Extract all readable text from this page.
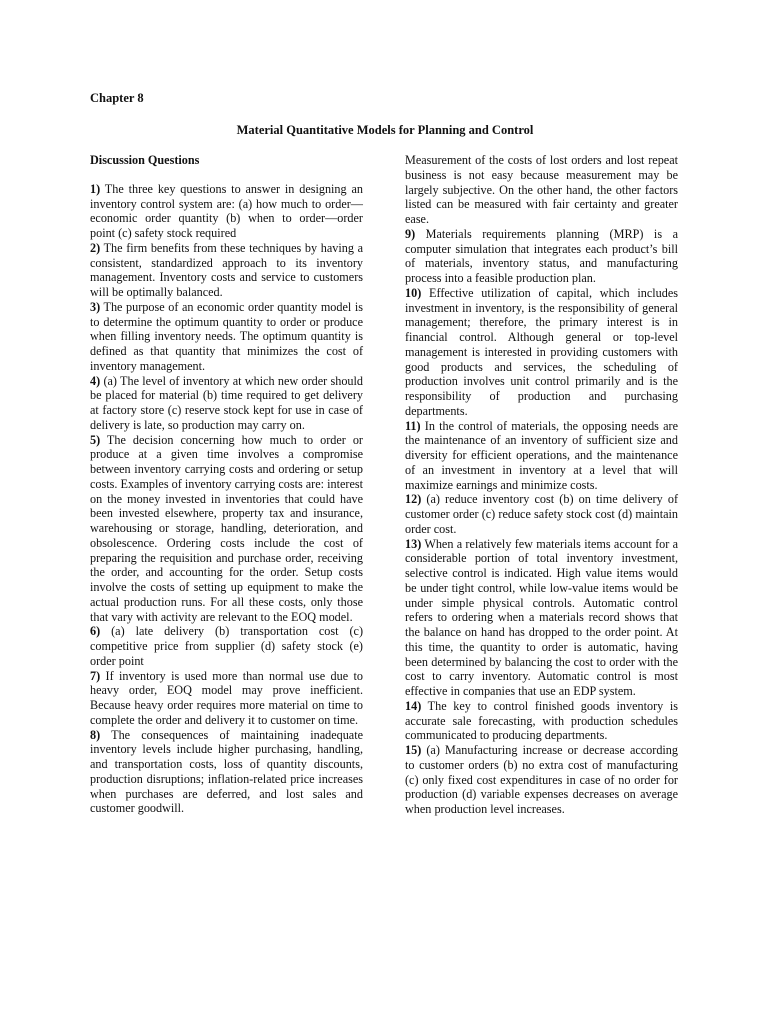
Chapter 8
Material Quantitative Models for Planning and Control
Discussion Questions

1) The three key questions to answer in designing an inventory control system are: (a) how much to order—economic order quantity (b) when to order—order point (c) safety stock required

2) The firm benefits from these techniques by having a consistent, standardized approach to its inventory management. Inventory costs and service to customers will be optimally balanced.

3) The purpose of an economic order quantity model is to determine the optimum quantity to order or produce when filling inventory needs. The optimum quantity is defined as that quantity that minimizes the cost of inventory management.

4) (a) The level of inventory at which new order should be placed for material (b) time required to get delivery at factory store (c) reserve stock kept for use in case of delivery is late, so production may carry on.

5) The decision concerning how much to order or produce at a given time involves a compromise between inventory carrying costs and ordering or setup costs. Examples of inventory carrying costs are: interest on the money invested in inventories that could have been invested elsewhere, property tax and insurance, warehousing or storage, handling, deterioration, and obsolescence. Ordering costs include the cost of preparing the requisition and purchase order, receiving the order, and accounting for the order. Setup costs involve the costs of setting up equipment to make the actual production runs. For all these costs, only those that vary with activity are relevant to the EOQ model.

6) (a) late delivery (b) transportation cost (c) competitive price from supplier (d) safety stock (e) order point

7) If inventory is used more than normal use due to heavy order, EOQ model may prove inefficient. Because heavy order requires more material on time to complete the order and delivery it to customer on time.

8) The consequences of maintaining inadequate inventory levels include higher purchasing, handling, and transportation costs, loss of quantity discounts, production disruptions; inflation-related price increases when purchases are deferred, and lost sales and customer goodwill.

Measurement of the costs of lost orders and lost repeat business is not easy because measurement may be largely subjective. On the other hand, the other factors listed can be measured with fair certainty and greater ease.

9) Materials requirements planning (MRP) is a computer simulation that integrates each product’s bill of materials, inventory status, and manufacturing process into a feasible production plan.

10) Effective utilization of capital, which includes investment in inventory, is the responsibility of general management; therefore, the primary interest is in financial control. Although general or top-level management is interested in providing customers with good products and services, the scheduling of production involves unit control primarily and is the responsibility of production and purchasing departments.

11) In the control of materials, the opposing needs are the maintenance of an inventory of sufficient size and diversity for efficient operations, and the maintenance of an investment in inventory at a level that will maximize earnings and minimize costs.

12) (a) reduce inventory cost (b) on time delivery of customer order (c) reduce safety stock cost (d) maintain order cost.

13) When a relatively few materials items account for a considerable portion of total inventory investment, selective control is indicated. High value items would be under tight control, while low-value items would be under simple physical controls. Automatic control refers to ordering when a materials record shows that the balance on hand has dropped to the order point. At this time, the quantity to order is automatic, having been determined by balancing the cost to order with the cost to carry inventory. Automatic control is most effective in companies that use an EDP system.

14) The key to control finished goods inventory is accurate sale forecasting, with production schedules communicated to producing departments.

15) (a) Manufacturing increase or decrease according to customer orders (b) no extra cost of manufacturing (c) only fixed cost expenditures in case of no order for production (d) variable expenses decreases on average when production level increases.
